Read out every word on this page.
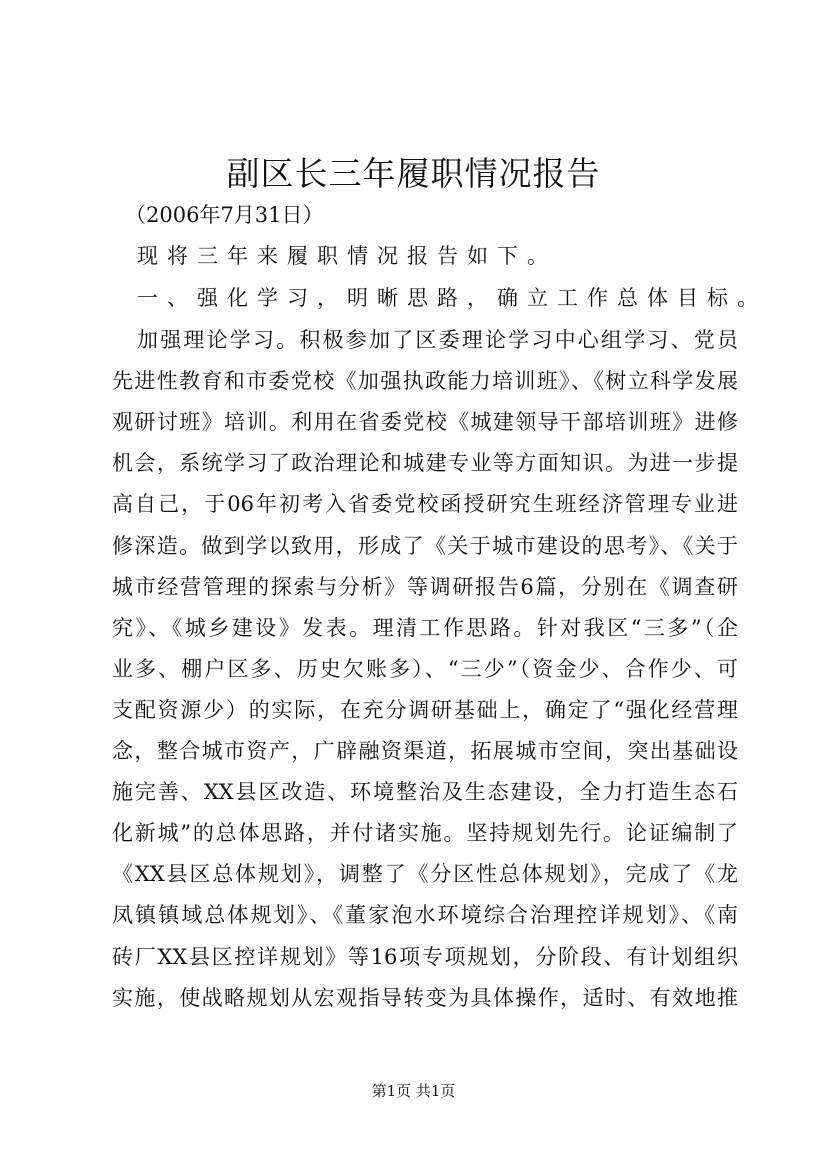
副区长三年履职情况报告
（2006年7月31日）
现将三年来履职情况报告如下。
一、强化学习，明晰思路，确立工作总体目标。
加强理论学习。积极参加了区委理论学习中心组学习、党员
先进性教育和市委党校《加强执政能力培训班》、《树立科学发展
观研讨班》培训。利用在省委党校《城建领导干部培训班》进修
机会，系统学习了政治理论和城建专业等方面知识。为进一步提
高自己，于06年初考入省委党校函授研究生班经济管理专业进
修深造。做到学以致用，形成了《关于城市建设的思考》、《关于
城市经营管理的探索与分析》等调研报告6篇，分别在《调查研
究》、《城乡建设》发表。理清工作思路。针对我区“三多”（企
业多、棚户区多、历史欠账多）、“三少”（资金少、合作少、可
支配资源少）的实际，在充分调研基础上，确定了“强化经营理
念，整合城市资产，广辟融资渠道，拓展城市空间，突出基础设
施完善、XX县区改造、环境整治及生态建设，全力打造生态石
化新城”的总体思路，并付诸实施。坚持规划先行。论证编制了
《XX县区总体规划》，调整了《分区性总体规划》，完成了《龙
凤镇镇域总体规划》、《董家泡水环境综合治理控详规划》、《南
砖厂XX县区控详规划》等16项专项规划，分阶段、有计划组织
实施，使战略规划从宏观指导转变为具体操作，适时、有效地推
第1页 共1页
